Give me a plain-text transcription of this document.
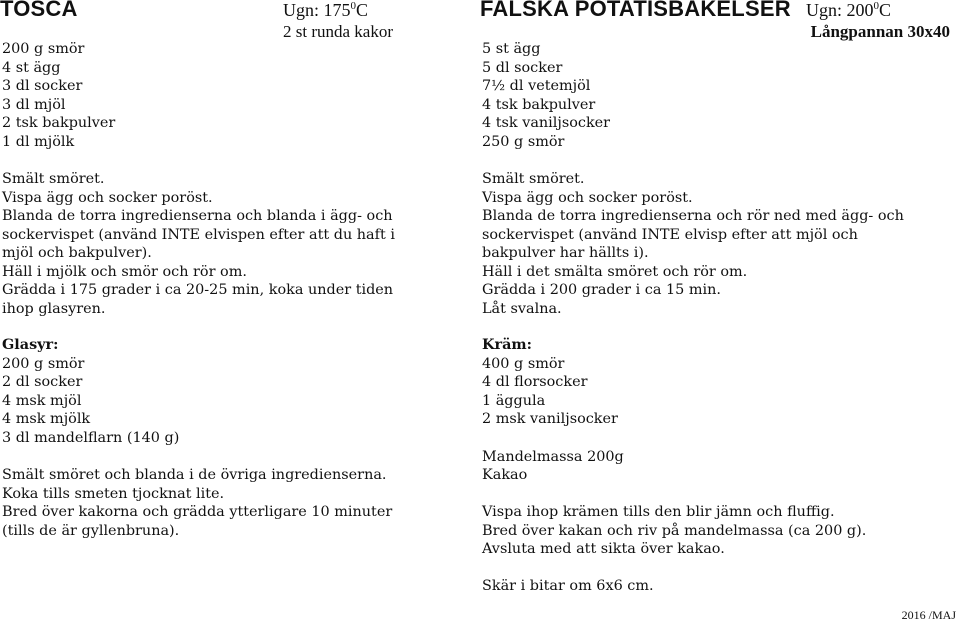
TOSCA	Ugn: $175^0C$
2 st runda kakor
200 g smör
4 st ägg
3 dl socker
3 dl mjöl
2 tsk bakpulver
1 dl mjölk
Smält smöret.
Vispa ägg och socker poröst.
Blanda de torra ingredienserna och blanda i ägg- och
sockervispet (använd INTE elvispen efter att du haft i
mjöl och bakpulver).
Häll i mjölk och smör och rör om.
Grädda i 175 grader i ca 20-25 min, koka under tiden
ihop glasyren.
Glasyr:
200 g smör
2 dl socker
4 msk mjöl
4 msk mjölk
3 dl mandelflarn (140 g)
Smält smöret och blanda i de övriga ingredienserna.
Koka tills smeten tjocknat lite.
Bred över kakorna och grädda ytterligare 10 minuter
(tills de är gyllenbruna).
FALSKA POTATISBAKELSER Ugn: $200^0C$
Långpannan 30x40
5 st ägg
5 dl socker
7½ dl vetemjöl
4 tsk bakpulver
4 tsk vaniljsocker
250 g smör
Smält smöret.
Vispa ägg och socker poröst.
Blanda de torra ingredienserna och rör ned med ägg- och
sockervispet (använd INTE elvisp efter att mjöl och
bakpulver har hällts i).
Häll i det smälta smöret och rör om.
Grädda i 200 grader i ca 15 min.
Låt svalna.
Kräm:
400 g smör
4 dl florsocker
1 äggula
2 msk vaniljsocker
Mandelmassa 200g
Kakao
Vispa ihop krämen tills den blir jämn och fluffig.
Bred över kakan och riv på mandelmassa (ca 200 g).
Avsluta med att sikta över kakao.
Skär i bitar om 6x6 cm.
2016 /MAJ
